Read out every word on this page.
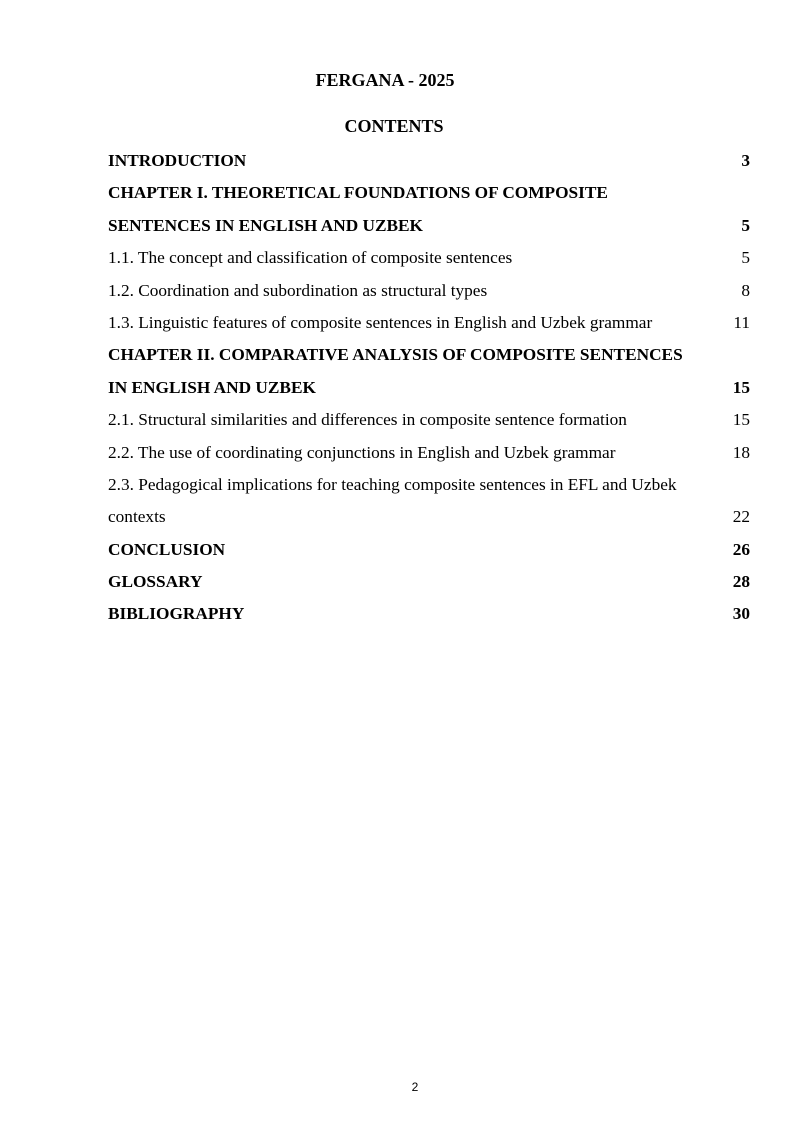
FERGANA - 2025
CONTENTS
INTRODUCTION	3
CHAPTER I. THEORETICAL FOUNDATIONS OF COMPOSITE
SENTENCES IN ENGLISH AND UZBEK	5
1.1. The concept and classification of composite sentences	5
1.2. Coordination and subordination as structural types	8
1.3. Linguistic features of composite sentences in English and Uzbek grammar	11
CHAPTER II. COMPARATIVE ANALYSIS OF COMPOSITE SENTENCES
IN ENGLISH AND UZBEK	15
2.1. Structural similarities and differences in composite sentence formation	15
2.2. The use of coordinating conjunctions in English and Uzbek grammar	18
2.3. Pedagogical implications for teaching composite sentences in EFL and Uzbek
contexts	22
CONCLUSION	26
GLOSSARY	28
BIBLIOGRAPHY	30
2
